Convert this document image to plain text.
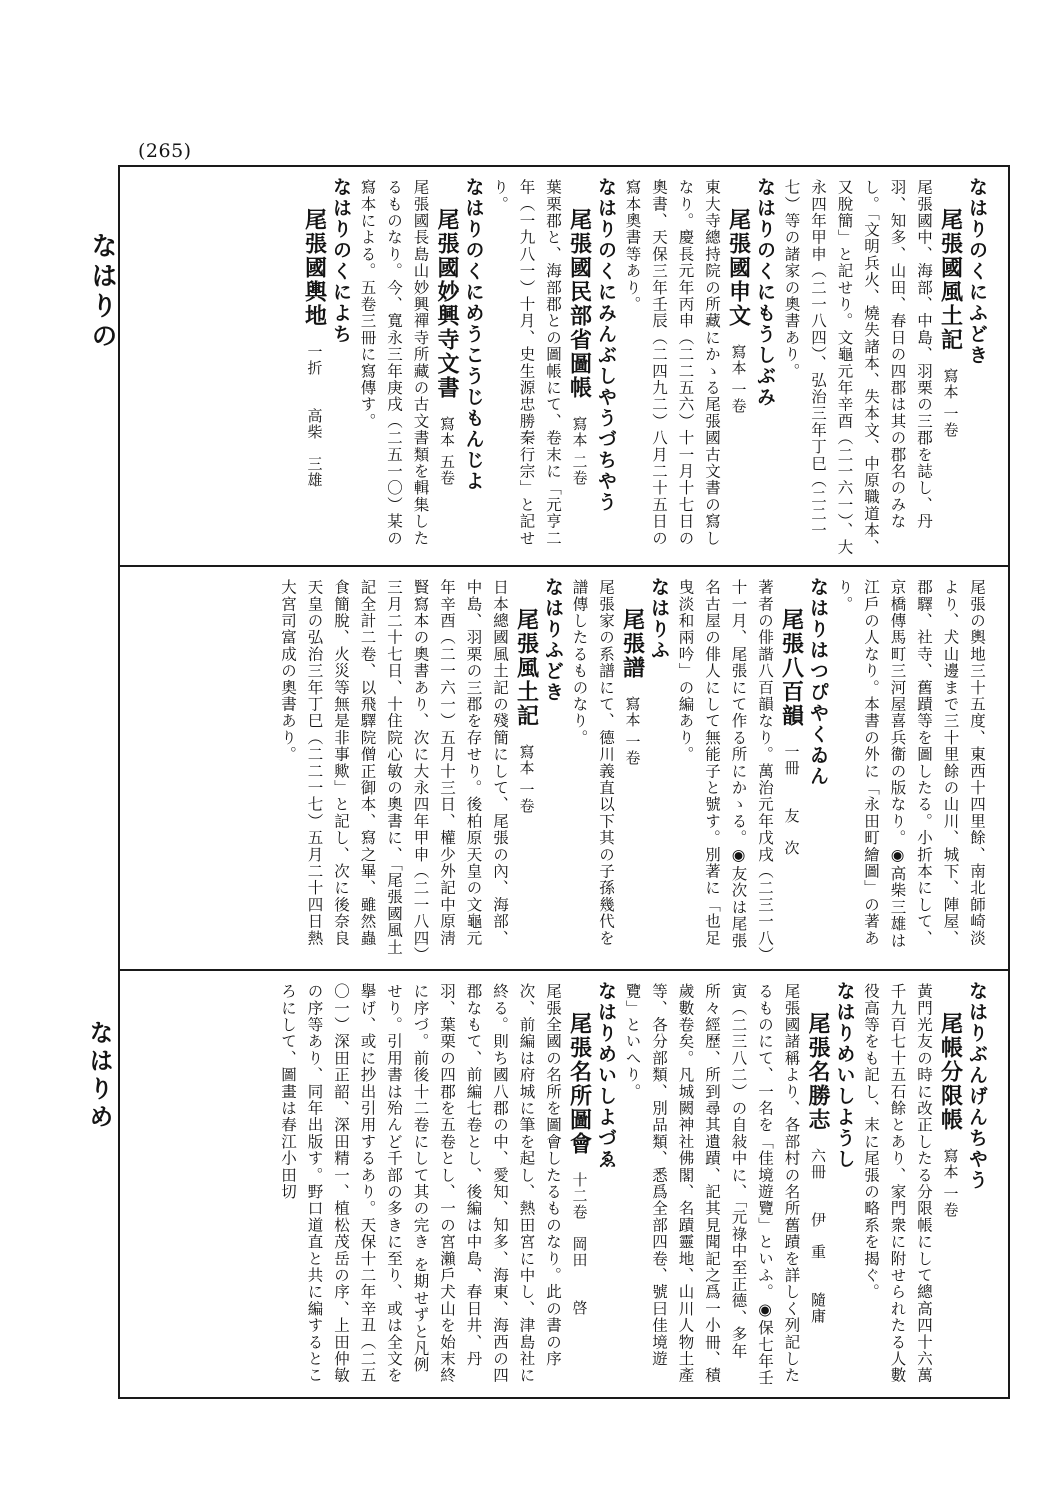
(265)
なはりの
なはりめ
なはりのくにふどき
尾張國風土記　寫本 一卷
尾張國中、海部、中島、羽栗の三郡を誌し、丹羽、知多、山田、春日の四郡は其の郡名のみなし。「文明兵火、燒失諸本、失本文、中原職道本、又脫簡」と記せり。文龜元年辛酉（二一六一）、大永四年甲申（二一八四）、弘治三年丁巳（二二一七）等の諸家の奧書あり。
なはりのくにもうしぶみ
尾張國申文　寫本 一卷
東大寺總持院の所藏にかゝる尾張國古文書の寫しなり。慶長元年丙申（二二五六）十一月十七日の奧書、天保三年壬辰（二四九二）八月二十五日の寫本奧書等あり。
なはりのくにみんぶしやうづちやう
尾張國民部省圖帳　寫本 二卷
葉栗郡と、海部郡との圖帳にて、卷末に「元亨二年（一九八一）十月、史生源忠勝秦行宗」と記せり。
なはりのくにめうこうじもんじよ
尾張國妙興寺文書　寫本 五卷
尾張國長島山妙興禪寺所藏の古文書類を輯集したるものなり。今、寬永三年庚戌（二五一〇）某の寫本による。五卷三冊に寫傳す。
なはりのくによち
尾張國輿地　一折　　高柴　三雄
尾張の輿地三十五度、東西十四里餘、南北師崎淡より、犬山邊まで三十里餘の山川、城下、陣屋、郡驛、社寺、舊蹟等を圖したる。小折本にして、京橋傳馬町三河屋喜兵衞の版なり。◉高柴三雄は江戶の人なり。本書の外に「永田町繪圖」の著あり。
なはりはつぴやくゐん
尾張八百韻　一冊　　友　次
著者の俳諧八百韻なり。萬治元年戊戌（二三一八）十一月、尾張にて作る所にかゝる。◉友次は尾張名古屋の俳人にして無能子と號す。別著に「也足曳淡和兩吟」の編あり。
なはりふ
尾張譜　寫本 一卷
尾張家の系譜にて、德川義直以下其の子孫幾代を譜傳したるものなり。
なはりふどき
尾張風土記　寫本 一卷
日本總國風土記の殘簡にして、尾張の內、海部、中島、羽栗の三郡を存せり。後柏原天皇の文龜元年辛酉（二一六一）五月十三日、權少外記中原淸賢寫本の奧書あり、次に大永四年甲申（二一八四）三月二十七日、十住院心敏の奧書に、「尾張國風土記全計二卷、以飛驛院僧正御本、寫之畢、雖然蟲食簡脫、火災等無是非事歟」と記し、次に後奈良天皇の弘治三年丁巳（二二一七）五月二十四日熱大宮司富成の奧書あり。
なはりぶんげんちやう
尾帳分限帳　寫本 一卷
黃門光友の時に改正したる分限帳にして總高四十六萬千九百七十五石餘とあり、家門衆に附せられたる人數役高等をも記し、末に尾張の略系を揭ぐ。
なはりめいしようし
尾張名勝志　六冊　　伊　重　　隨庸
尾張國諸稱より、各部村の名所舊蹟を詳しく列記したるものにて、一名を「佳境遊覽」といふ。◉保七年壬寅（二三八二）の自敍中に、「元祿中至正德、多年所々經歷、所到尋其遺蹟、記其見聞記之爲一小冊、積歲數卷矣。凡城闕神社佛閣、名蹟靈地、山川人物土產等、各分部類、別品類、悉爲全部四卷、號曰佳境遊覽」といへり。
なはりめいしよづゑ
尾張名所圖會　十二卷　岡田　　啓
尾張全國の名所を圖會したるものなり。此の書の序次、前編は府城に筆を起し、熱田宮に中し、津島社に終る。則ち國八郡の中、愛知、知多、海東、海西の四郡なもて、前編七卷とし、後編は中島、春日井、丹羽、葉栗の四郡を五卷とし、一の宮瀨戶犬山を始末終に序づ。前後十二卷にして其の完き を期せずと凡例せり。引用書は殆んど千部の多きに至り、或は全文を擧げ、或に抄出引用するあり。天保十二年辛丑（二五〇一）深田正韶、深田精一、植松茂岳の序、上田仲敏の序等あり、同年出版す。野口道直と共に編するところにして、圖畫は春江小田切
